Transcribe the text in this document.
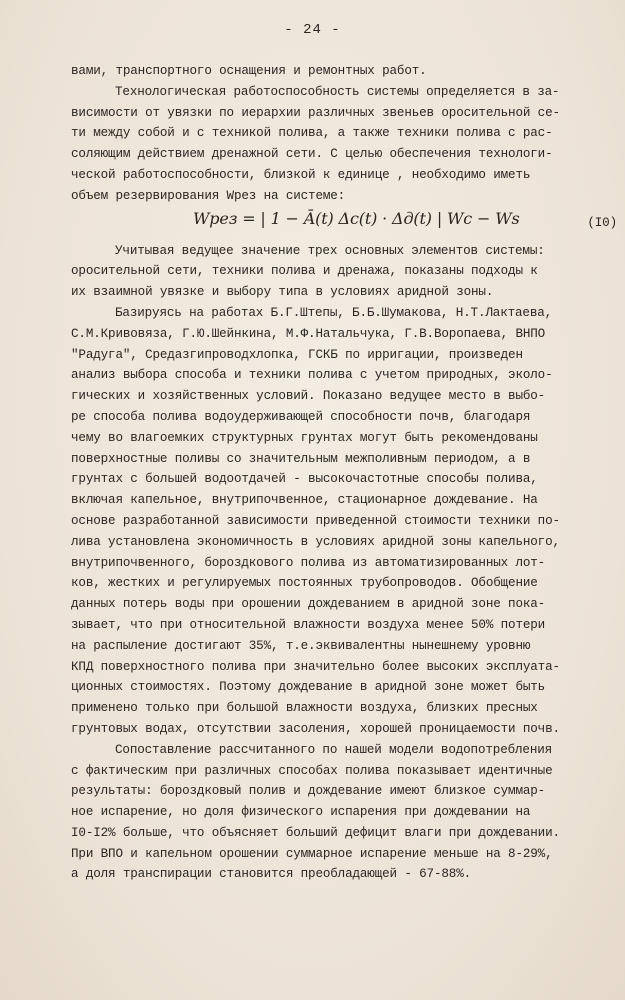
- 24 -
вами, транспортного оснащения и ремонтных работ.
Технологическая работоспособность системы определяется в за-
висимости от увязки по иерархии различных звеньев оросительной се-
ти между собой и с техникой полива, а также техники полива с рас-
соляющим действием дренажной сети. С целью обеспечения технологи-
ческой работоспособности, близкой к единице , необходимо иметь
объем резервирования Wрез на системе:
Wрез = | 1 − Ā(t) Δc(t) · Δд(t) | Wc − Ws	(I0)
Учитывая ведущее значение трех основных элементов системы:
оросительной сети, техники полива и дренажа, показаны подходы к
их взаимной увязке и выбору типа в условиях аридной зоны.
Базируясь на работах Б.Г.Штепы, Б.Б.Шумакова, Н.Т.Лактаева,
С.М.Кривовяза, Г.Ю.Шейнкина, М.Ф.Натальчука, Г.В.Воропаева, ВНПО
"Радуга", Средазгипроводхлопка, ГСКБ по ирригации, произведен
анализ выбора способа и техники полива с учетом природных, эколо-
гических и хозяйственных условий. Показано ведущее место в выбо-
ре способа полива водоудерживающей способности почв, благодаря
чему во влагоемких структурных грунтах могут быть рекомендованы
поверхностные поливы со значительным межполивным периодом, а в
грунтах с большей водоотдачей - высокочастотные способы полива,
включая капельное, внутрипочвенное, стационарное дождевание. На
основе разработанной зависимости приведенной стоимости техники по-
лива установлена экономичность в условиях аридной зоны капельного,
внутрипочвенного, бороздкового полива из автоматизированных лот-
ков, жестких и регулируемых постоянных трубопроводов. Обобщение
данных потерь воды при орошении дождеванием в аридной зоне пока-
зывает, что при относительной влажности воздуха менее 50% потери
на распыление достигают 35%, т.е.эквивалентны нынешнему уровню
КПД поверхностного полива при значительно более высоких эксплуата-
ционных стоимостях. Поэтому дождевание в аридной зоне может быть
применено только при большой влажности воздуха, близких пресных
грунтовых водах, отсутствии засоления, хорошей проницаемости почв.
Сопоставление рассчитанного по нашей модели водопотребления
с фактическим при различных способах полива показывает идентичные
результаты: бороздковый полив и дождевание имеют близкое суммар-
ное испарение, но доля физического испарения при дождевании на
I0-I2% больше, что объясняет больший дефицит влаги при дождевании.
При ВПО и капельном орошении суммарное испарение меньше на 8-29%,
а доля транспирации становится преобладающей - 67-88%.
